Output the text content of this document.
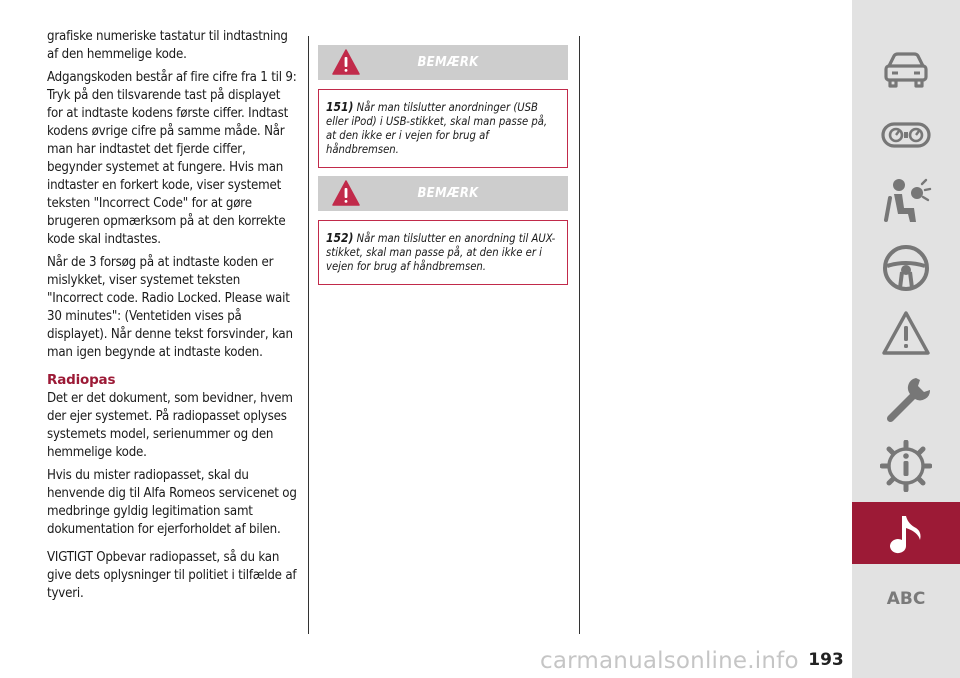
grafiske numeriske tastatur til indtastning af den hemmelige kode.

Adgangskoden består af fire cifre fra 1 til 9: Tryk på den tilsvarende tast på displayet for at indtaste kodens første ciffer. Indtast kodens øvrige cifre på samme måde. Når man har indtastet det fjerde ciffer, begynder systemet at fungere. Hvis man indtaster en forkert kode, viser systemet teksten "Incorrect Code" for at gøre brugeren opmærksom på at den korrekte kode skal indtastes.

Når de 3 forsøg på at indtaste koden er mislykket, viser systemet teksten "Incorrect code. Radio Locked. Please wait 30 minutes": (Ventetiden vises på displayet). Når denne tekst forsvinder, kan man igen begynde at indtaste koden.

Radiopas

Det er det dokument, som bevidner, hvem der ejer systemet. På radiopasset oplyses systemets model, serienummer og den hemmelige kode.

Hvis du mister radiopasset, skal du henvende dig til Alfa Romeos servicenet og medbringe gyldig legitimation samt dokumentation for ejerforholdet af bilen.

VIGTIGT Opbevar radiopasset, så du kan give dets oplysninger til politiet i tilfælde af tyveri.

BEMÆRK
151) Når man tilslutter anordninger (USB eller iPod) i USB-stikket, skal man passe på, at den ikke er i vejen for brug af håndbremsen.
BEMÆRK
152) Når man tilslutter en anordning til AUX-stikket, skal man passe på, at den ikke er i vejen for brug af håndbremsen.
ABC
193
carmanualsonline.info
